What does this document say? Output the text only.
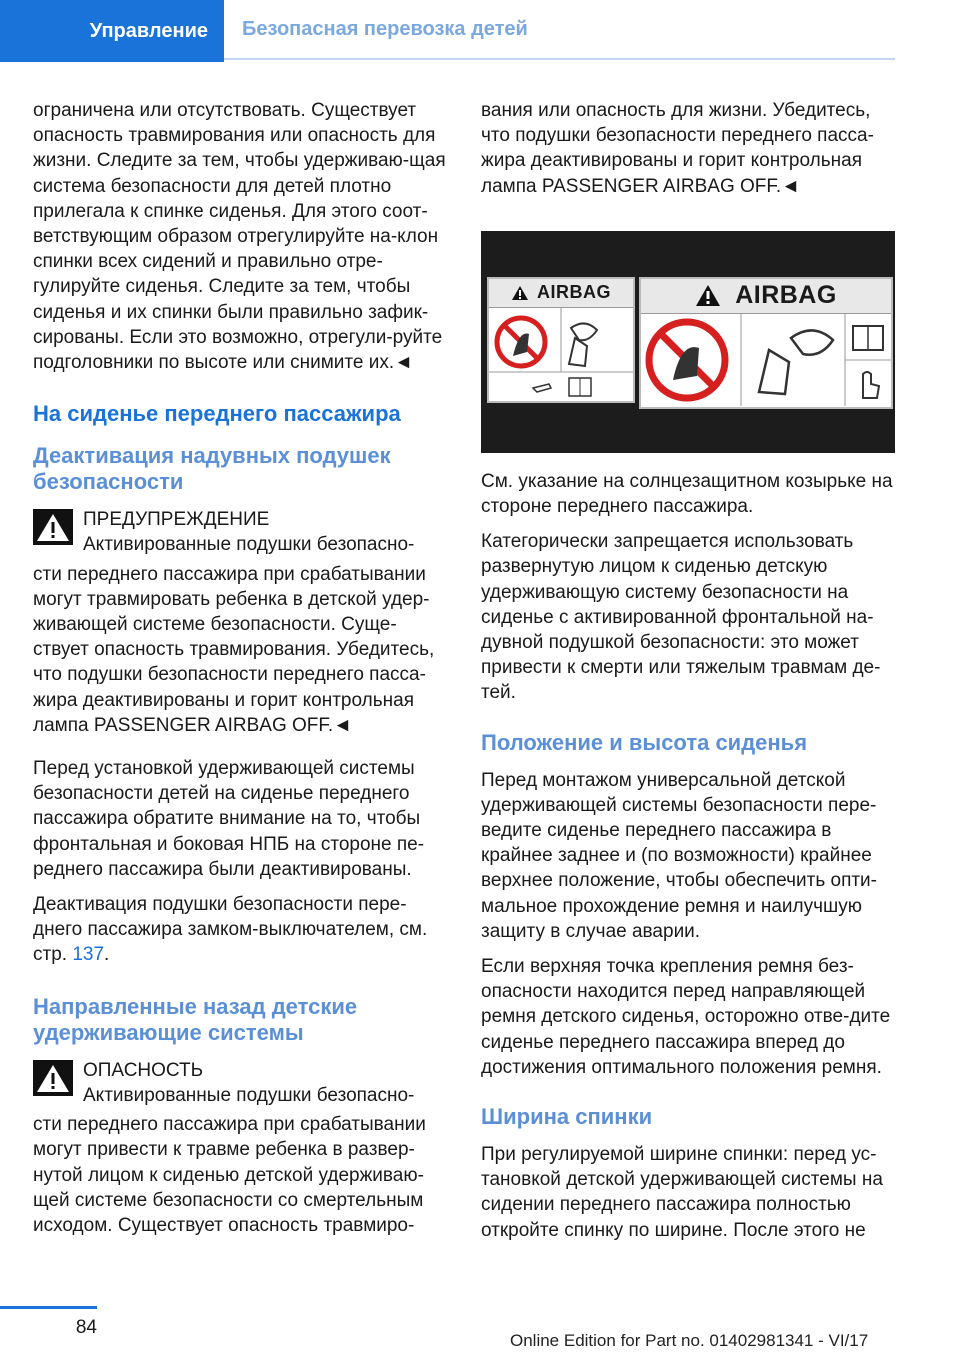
Управление	Безопасная перевозка детей

ограничена или отсутствовать. Существует опасность травмирования или опасность для жизни. Следите за тем, чтобы удерживаю-щая система безопасности для детей плотно прилегала к спинке сиденья. Для этого соот-ветствующим образом отрегулируйте на-клон спинки всех сидений и правильно отре-гулируйте сиденья. Следите за тем, чтобы сиденья и их спинки были правильно зафик-сированы. Если это возможно, отрегули-руйте подголовники по высоте или снимите их.◄

На сиденье переднего пассажира
Деактивация надувных подушек безопасности
ПРЕДУПРЕЖДЕНИЕ
Активированные подушки безопасно-

сти переднего пассажира при срабатывании могут травмировать ребенка в детской удер-живающей системе безопасности. Суще-ствует опасность травмирования. Убедитесь, что подушки безопасности переднего пасса-жира деактивированы и горит контрольная лампа PASSENGER AIRBAG OFF.◄

Перед установкой удерживающей системы безопасности детей на сиденье переднего пассажира обратите внимание на то, чтобы фронтальная и боковая НПБ на стороне пе-реднего пассажира были деактивированы.

Деактивация подушки безопасности пере-днего пассажира замком-выключателем, см. стр. 137.

Направленные назад детские удерживающие системы
ОПАСНОСТЬ
Активированные подушки безопасно-

сти переднего пассажира при срабатывании могут привести к травме ребенка в развер-нутой лицом к сиденью детской удерживаю-щей системе безопасности со смертельным исходом. Существует опасность травмиро-

вания или опасность для жизни. Убедитесь, что подушки безопасности переднего пасса-жира деактивированы и горит контрольная лампа PASSENGER AIRBAG OFF.◄

AIRBAG	AIRBAG

См. указание на солнцезащитном козырьке на стороне переднего пассажира.

Категорически запрещается использовать развернутую лицом к сиденью детскую удерживающую систему безопасности на сиденье с активированной фронтальной на-дувной подушкой безопасности: это может привести к смерти или тяжелым травмам де-тей.

Положение и высота сиденья

Перед монтажом универсальной детской удерживающей системы безопасности пере-ведите сиденье переднего пассажира в крайнее заднее и (по возможности) крайнее верхнее положение, чтобы обеспечить опти-мальное прохождение ремня и наилучшую защиту в случае аварии.

Если верхняя точка крепления ремня без-опасности находится перед направляющей ремня детского сиденья, осторожно отве-дите сиденье переднего пассажира вперед до достижения оптимального положения ремня.

Ширина спинки

При регулируемой ширине спинки: перед ус-тановкой детской удерживающей системы на сидении переднего пассажира полностью откройте спинку по ширине. После этого не

84
Online Edition for Part no. 01402981341 - VI/17
